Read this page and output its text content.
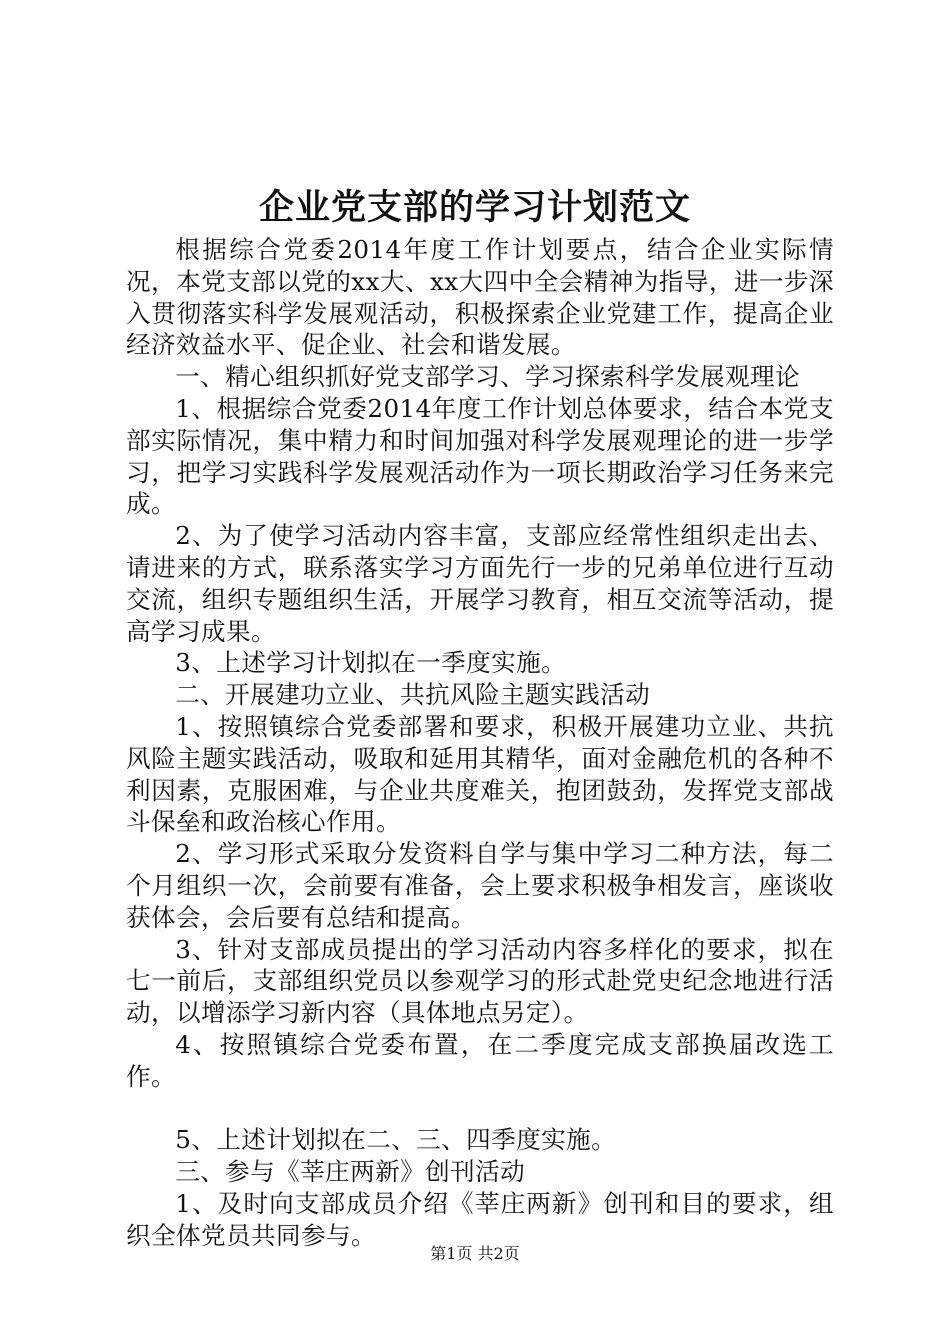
企业党支部的学习计划范文

根据综合党委2014年度工作计划要点，结合企业实际情况，本党支部以党的xx大、xx大四中全会精神为指导，进一步深入贯彻落实科学发展观活动，积极探索企业党建工作，提高企业经济效益水平、促企业、社会和谐发展。

一、精心组织抓好党支部学习、学习探索科学发展观理论

1、根据综合党委2014年度工作计划总体要求，结合本党支部实际情况，集中精力和时间加强对科学发展观理论的进一步学习，把学习实践科学发展观活动作为一项长期政治学习任务来完成。

2、为了使学习活动内容丰富，支部应经常性组织走出去、请进来的方式，联系落实学习方面先行一步的兄弟单位进行互动交流，组织专题组织生活，开展学习教育，相互交流等活动，提高学习成果。

3、上述学习计划拟在一季度实施。

二、开展建功立业、共抗风险主题实践活动

1、按照镇综合党委部署和要求，积极开展建功立业、共抗风险主题实践活动，吸取和延用其精华，面对金融危机的各种不利因素，克服困难，与企业共度难关，抱团鼓劲，发挥党支部战斗保垒和政治核心作用。

2、学习形式采取分发资料自学与集中学习二种方法，每二个月组织一次，会前要有准备，会上要求积极争相发言，座谈收获体会，会后要有总结和提高。

3、针对支部成员提出的学习活动内容多样化的要求，拟在七一前后，支部组织党员以参观学习的形式赴党史纪念地进行活动，以增添学习新内容（具体地点另定）。

4、按照镇综合党委布置，在二季度完成支部换届改选工作。

5、上述计划拟在二、三、四季度实施。

三、参与《莘庄两新》创刊活动

1、及时向支部成员介绍《莘庄两新》创刊和目的要求，组织全体党员共同参与。

第1页 共2页
